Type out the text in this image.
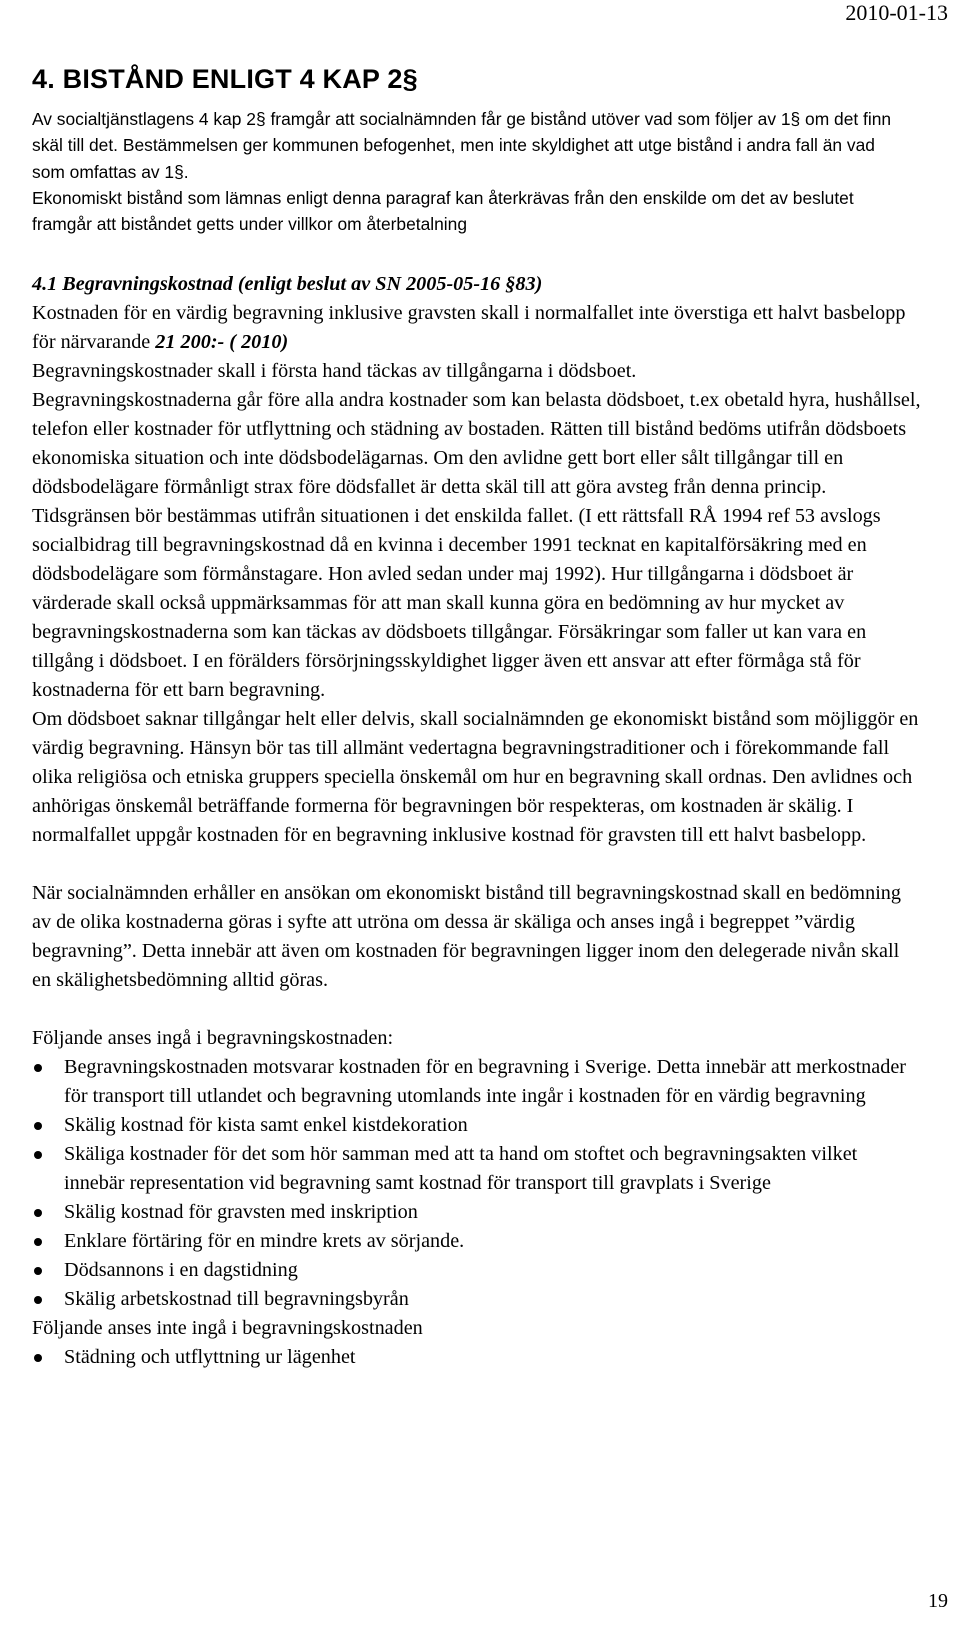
2010-01-13
4. BISTÅND ENLIGT 4 KAP 2§

Av socialtjänstlagens 4 kap 2§ framgår att socialnämnden får ge bistånd utöver vad som följer av 1§ om det finn skäl till det. Bestämmelsen ger kommunen befogenhet, men inte skyldighet att utge bistånd i andra fall än vad som omfattas av 1§.

Ekonomiskt bistånd som lämnas enligt denna paragraf kan återkrävas från den enskilde om det av beslutet framgår att biståndet getts under villkor om återbetalning

4.1 Begravningskostnad (enligt beslut av SN 2005-05-16 §83)

Kostnaden för en värdig begravning inklusive gravsten skall i normalfallet inte överstiga ett halvt basbelopp för närvarande 21 200:- ( 2010)

Begravningskostnader skall i första hand täckas av tillgångarna i dödsboet.

Begravningskostnaderna går före alla andra kostnader som kan belasta dödsboet, t.ex obetald hyra, hushållsel, telefon eller kostnader för utflyttning och städning av bostaden. Rätten till bistånd bedöms utifrån dödsboets ekonomiska situation och inte dödsbodelägarnas. Om den avlidne gett bort eller sålt tillgångar till en dödsbodelägare förmånligt strax före dödsfallet är detta skäl till att göra avsteg från denna princip. Tidsgränsen bör bestämmas utifrån situationen i det enskilda fallet. (I ett rättsfall RÅ 1994 ref 53 avslogs socialbidrag till begravningskostnad då en kvinna i december 1991 tecknat en kapitalförsäkring med en dödsbodelägare som förmånstagare. Hon avled sedan under maj 1992). Hur tillgångarna i dödsboet är värderade skall också uppmärksammas för att man skall kunna göra en bedömning av hur mycket av begravningskostnaderna som kan täckas av dödsboets tillgångar. Försäkringar som faller ut kan vara en tillgång i dödsboet. I en förälders försörjningsskyldighet ligger även ett ansvar att efter förmåga stå för kostnaderna för ett barn begravning.

Om dödsboet saknar tillgångar helt eller delvis, skall socialnämnden ge ekonomiskt bistånd som möjliggör en värdig begravning. Hänsyn bör tas till allmänt vedertagna begravningstraditioner och i förekommande fall olika religiösa och etniska gruppers speciella önskemål om hur en begravning skall ordnas. Den avlidnes och anhörigas önskemål beträffande formerna för begravningen bör respekteras, om kostnaden är skälig. I normalfallet uppgår kostnaden för en begravning inklusive kostnad för gravsten till ett halvt basbelopp.

När socialnämnden erhåller en ansökan om ekonomiskt bistånd till begravningskostnad skall en bedömning av de olika kostnaderna göras i syfte att utröna om dessa är skäliga och anses ingå i begreppet ”värdig begravning”. Detta innebär att även om kostnaden för begravningen ligger inom den delegerade nivån skall en skälighetsbedömning alltid göras.

Följande anses ingå i begravningskostnaden:

Begravningskostnaden motsvarar kostnaden för en begravning i Sverige. Detta innebär att merkostnader för transport till utlandet och begravning utomlands inte ingår i kostnaden för en värdig begravning
Skälig kostnad för kista samt enkel kistdekoration
Skäliga kostnader för det som hör samman med att ta hand om stoftet och begravningsakten vilket innebär representation vid begravning samt kostnad för transport till gravplats i Sverige
Skälig kostnad för gravsten med inskription
Enklare förtäring för en mindre krets av sörjande.
Dödsannons i en dagstidning
Skälig arbetskostnad till begravningsbyrån

Följande anses inte ingå i begravningskostnaden

Städning och utflyttning ur lägenhet
19
